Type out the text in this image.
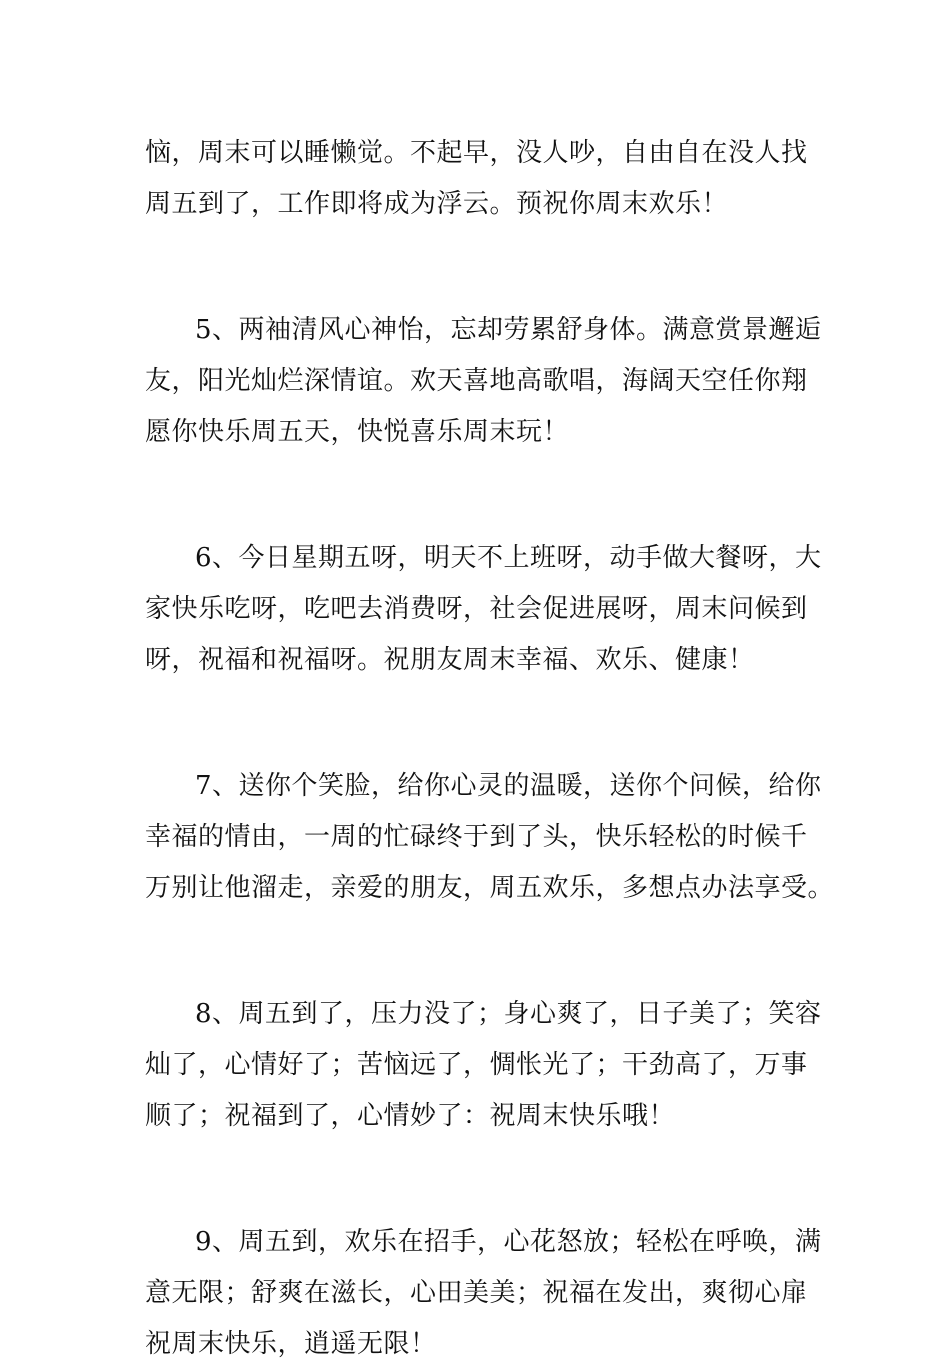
恼，周末可以睡懒觉。不起早，没人吵，自由自在没人找
周五到了，工作即将成为浮云。预祝你周末欢乐！
5、两袖清风心神怡，忘却劳累舒身体。满意赏景邂逅
友，阳光灿烂深情谊。欢天喜地高歌唱，海阔天空任你翔
愿你快乐周五天，快悦喜乐周末玩！
6、今日星期五呀，明天不上班呀，动手做大餐呀，大
家快乐吃呀，吃吧去消费呀，社会促进展呀，周末问候到
呀，祝福和祝福呀。祝朋友周末幸福、欢乐、健康！
7、送你个笑脸，给你心灵的温暖，送你个问候，给你
幸福的情由，一周的忙碌终于到了头，快乐轻松的时候千
万别让他溜走，亲爱的朋友，周五欢乐，多想点办法享受。
8、周五到了，压力没了；身心爽了，日子美了；笑容
灿了，心情好了；苦恼远了，惆怅光了；干劲高了，万事
顺了；祝福到了，心情妙了：祝周末快乐哦！
9、周五到，欢乐在招手，心花怒放；轻松在呼唤，满
意无限；舒爽在滋长，心田美美；祝福在发出，爽彻心扉
祝周末快乐，逍遥无限！
